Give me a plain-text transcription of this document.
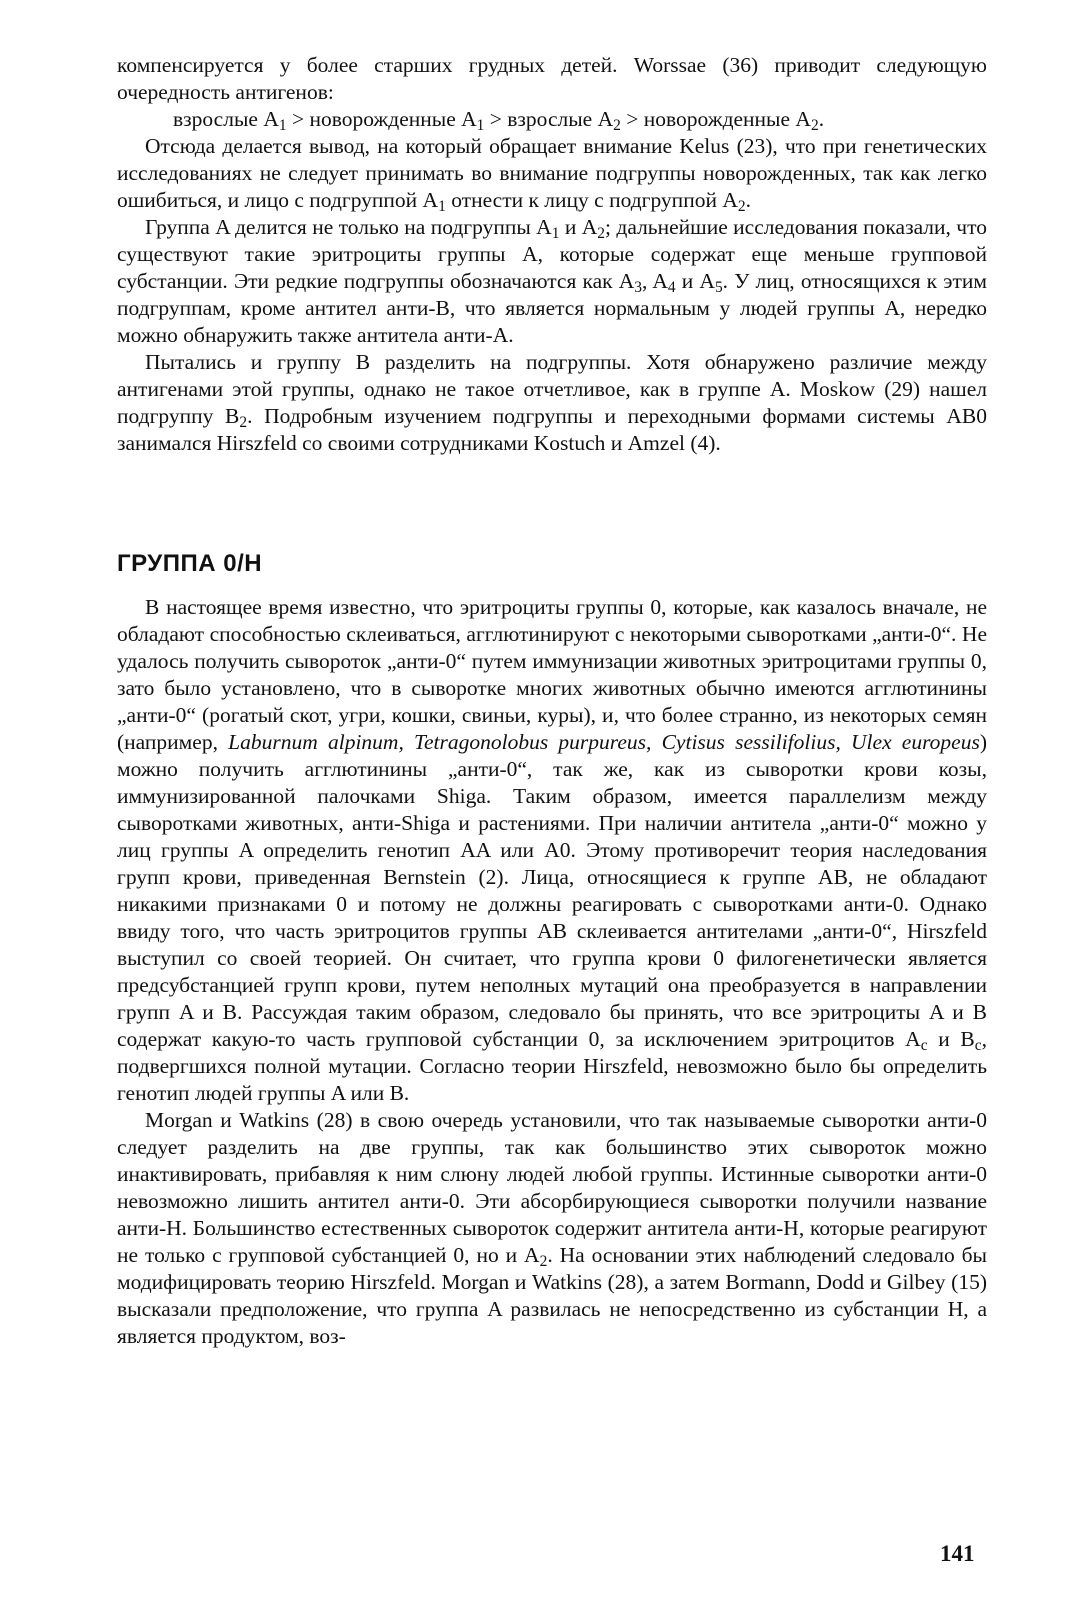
компенсируется у более старших грудных детей. Worssae (36) приводит следующую очередность антигенов:

взрослые $A_1$ > новорожденные $A_1$ > взрослые $A_2$ > новорожденные $A_2$.

Отсюда делается вывод, на который обращает внимание Kelus (23), что при генетических исследованиях не следует принимать во внимание подгруппы новорожденных, так как легко ошибиться, и лицо с подгруппой $A_1$ отнести к лицу с подгруппой $A_2$.

Группа A делится не только на подгруппы $A_1$ и $A_2$; дальнейшие исследования показали, что существуют такие эритроциты группы A, которые содержат еще меньше групповой субстанции. Эти редкие подгруппы обозначаются как $A_3$, $A_4$ и $A_5$. У лиц, относящихся к этим подгруппам, кроме антител анти-B, что является нормальным у людей группы A, нередко можно обнаружить также антитела анти-A.

Пытались и группу B разделить на подгруппы. Хотя обнаружено различие между антигенами этой группы, однако не такое отчетливое, как в группе A. Moskow (29) нашел подгруппу $B_2$. Подробным изучением подгруппы и переходными формами системы AB0 занимался Hirszfeld со своими сотрудниками Kostuch и Amzel (4).

ГРУППА 0/H

В настоящее время известно, что эритроциты группы 0, которые, как казалось вначале, не обладают способностью склеиваться, агглютинируют с некоторыми сыворотками „анти-0“. Не удалось получить сывороток „анти-0“ путем иммунизации животных эритроцитами группы 0, зато было установлено, что в сыворотке многих животных обычно имеются агглютинины „анти-0“ (рогатый скот, угри, кошки, свиньи, куры), и, что более странно, из некоторых семян (например, Laburnum alpinum, Tetragonolobus purpureus, Cytisus sessilifolius, Ulex europeus) можно получить агглютинины „анти-0“, так же, как из сыворотки крови козы, иммунизированной палочками Shiga. Таким образом, имеется параллелизм между сыворотками животных, анти-Shiga и растениями. При наличии антитела „анти-0“ можно у лиц группы A определить генотип AA или A0. Этому противоречит теория наследования групп крови, приведенная Bernstein (2). Лица, относящиеся к группе AB, не обладают никакими признаками 0 и потому не должны реагировать с сыворотками анти-0. Однако ввиду того, что часть эритроцитов группы AB склеивается антителами „анти-0“, Hirszfeld выступил со своей теорией. Он считает, что группа крови 0 филогенетически является предсубстанцией групп крови, путем неполных мутаций она преобразуется в направлении групп A и B. Рассуждая таким образом, следовало бы принять, что все эритроциты A и B содержат какую-то часть групповой субстанции 0, за исключением эритроцитов $A_c$ и $B_c$, подвергшихся полной мутации. Согласно теории Hirszfeld, невозможно было бы определить генотип людей группы A или B.

Morgan и Watkins (28) в свою очередь установили, что так называемые сыворотки анти-0 следует разделить на две группы, так как большинство этих сывороток можно инактивировать, прибавляя к ним слюну людей любой группы. Истинные сыворотки анти-0 невозможно лишить антител анти-0. Эти абсорбирующиеся сыворотки получили название анти-H. Большинство естественных сывороток содержит антитела анти-H, которые реагируют не только с групповой субстанцией 0, но и $A_2$. На основании этих наблюдений следовало бы модифицировать теорию Hirszfeld. Morgan и Watkins (28), а затем Bormann, Dodd и Gilbey (15) высказали предположение, что группа A развилась не непосредственно из субстанции H, а является продуктом, воз-

141
